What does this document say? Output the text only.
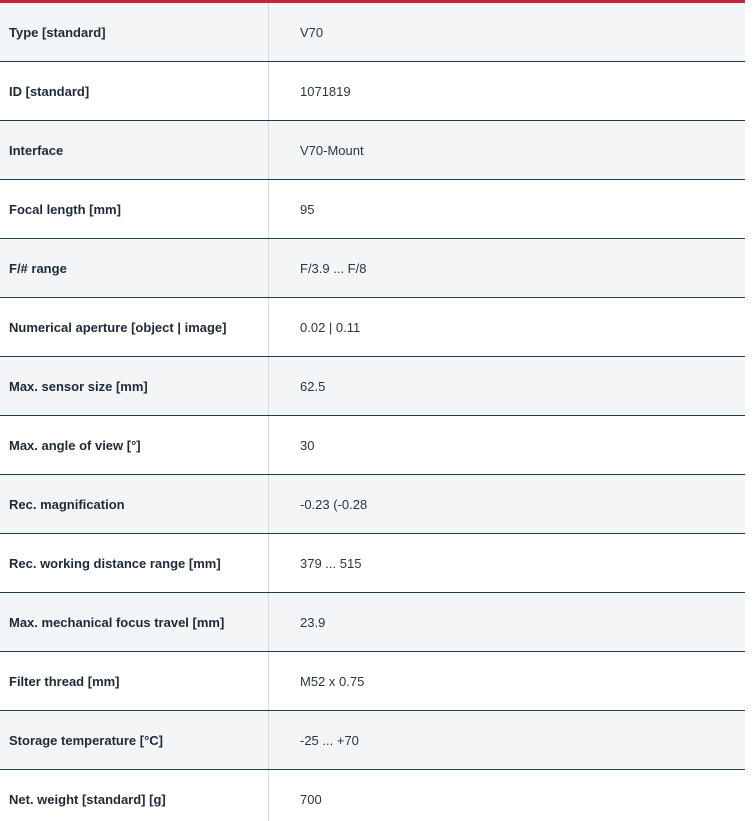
Type [standard]	V70
ID [standard]	1071819
Interface	V70-Mount
Focal length [mm]	95
F/# range	F/3.9 ... F/8
Numerical aperture [object | image]	0.02 | 0.11
Max. sensor size [mm]	62.5
Max. angle of view [°]	30
Rec. magnification	-0.23 (-0.28
Rec. working distance range [mm]	379 ... 515
Max. mechanical focus travel [mm]	23.9
Filter thread [mm]	M52 x 0.75
Storage temperature [°C]	-25 ... +70
Net. weight [standard] [g]	700
